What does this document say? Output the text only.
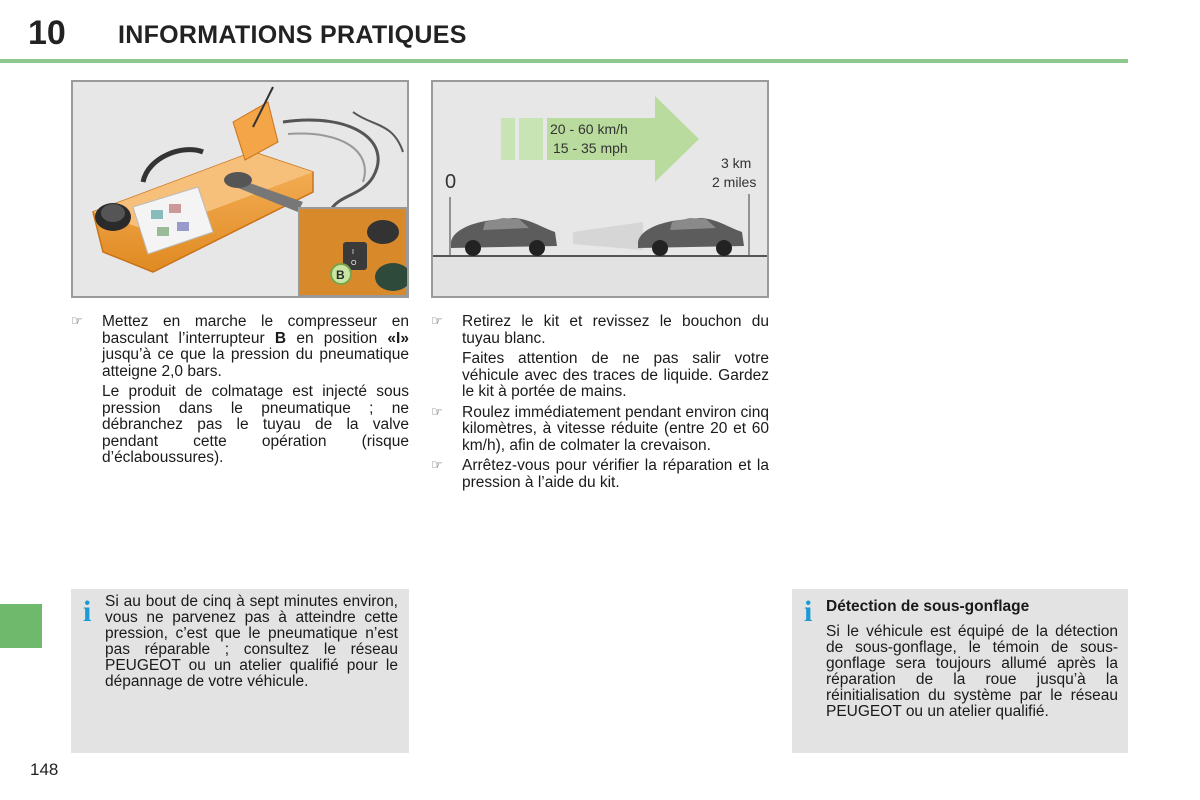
10 INFORMATIONS PRATIQUES
B
I
O
20 - 60 km/h
15 - 35 mph
0
3 km
2 miles
☞ Mettez en marche le compresseur en basculant l’interrupteur B en position «I» jusqu’à ce que la pression du pneumatique atteigne 2,0 bars.
Le produit de colmatage est injecté sous pression dans le pneumatique ; ne débranchez pas le tuyau de la valve pendant cette opération (risque d’éclaboussures).
☞ Retirez le kit et revissez le bouchon du tuyau blanc.
Faites attention de ne pas salir votre véhicule avec des traces de liquide. Gardez le kit à portée de mains.
☞ Roulez immédiatement pendant environ cinq kilomètres, à vitesse réduite (entre 20 et 60 km/h), afin de colmater la crevaison.
☞ Arrêtez-vous pour vérifier la réparation et la pression à l’aide du kit.
i Si au bout de cinq à sept minutes environ, vous ne parvenez pas à atteindre cette pression, c’est que le pneumatique n’est pas réparable ; consultez le réseau PEUGEOT ou un atelier qualifié pour le dépannage de votre véhicule.
i Détection de sous-gonflage
Si le véhicule est équipé de la détection de sous-gonflage, le témoin de sous-gonflage sera toujours allumé après la réparation de la roue jusqu’à la réinitialisation du système par le réseau PEUGEOT ou un atelier qualifié.
148
